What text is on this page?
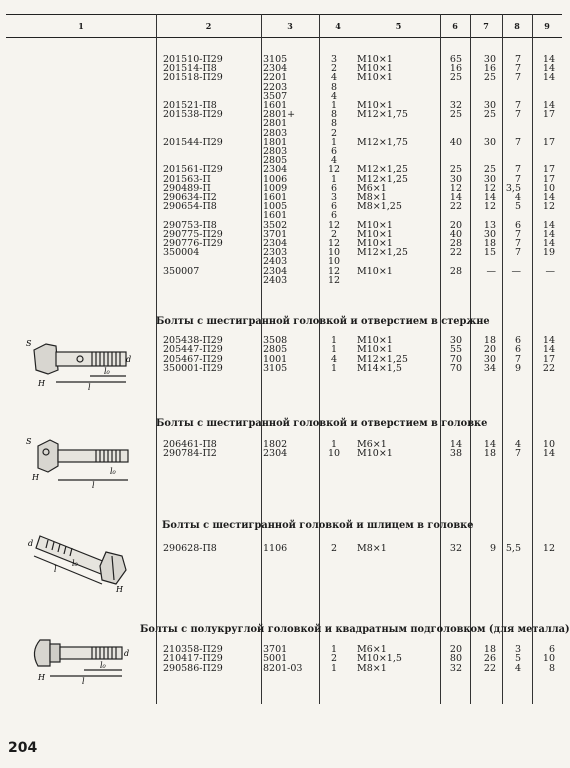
1	2	3	4	5	6	7	8	9
201510-П29	3105	3	M10×1	65	30	7	14
201514-П8	2304	2	M10×1	16	16	7	14
201518-П29	2201	4	M10×1	25	25	7	14
2203	8
3507	4
201521-П8	1601	1	M10×1	32	30	7	14
201538-П29	2801+	8	M12×1,75	25	25	7	17
2801	8
2803	2
201544-П29	1801	1	M12×1,75	40	30	7	17
2803	6
2805	4
201561-П29	2304	12	M12×1,25	25	25	7	17
201563-П	1006	1	M12×1,25	30	30	7	17
290489-П	1009	6	M6×1	12	12	3,5	10
290634-П2	1601	3	M8×1	14	14	4	14
290654-П8	1005	6	M8×1,25	22	12	5	12
1601	6
290753-П8	3502	12	M10×1	20	13	6	14
290775-П29	3701	2	M10×1	40	30	7	14
290776-П29	2304	12	M10×1	28	18	7	14
350004	2303	10	M12×1,25	22	15	7	19
2403	10
350007	2304	12	M10×1	28	—	—	—
2403	12
205438-П29	3508	1	M10×1	30	18	6	14
205447-П29	2805	1	M10×1	55	20	6	14
205467-П29	1001	4	M12×1,25	70	30	7	17
350001-П29	3105	1	M14×1,5	70	34	9	22
206461-П8	1802	1	M6×1	14	14	4	10
290784-П2	2304	10	M10×1	38	18	7	14
290628-П8	1106	2	M8×1	32	9	5,5	12
210358-П29	3701	1	M6×1	20	18	3	6
210417-П29	5001	2	M10×1,5	80	26	5	10
290586-П29	8201-03	1	M8×1	32	22	4	8
Болты с шестигранной головкой и отверстием в стержне
Болты с шестигранной головкой и отверстием в головке
Болты с шестигранной головкой и шлицем в головке
Болты с полукруглой головкой и квадратным подголовком (для металла)
S
H	l
l₀
d
S
H
l
l₀
l
l₀
H
d
H	l
l₀
d
204
